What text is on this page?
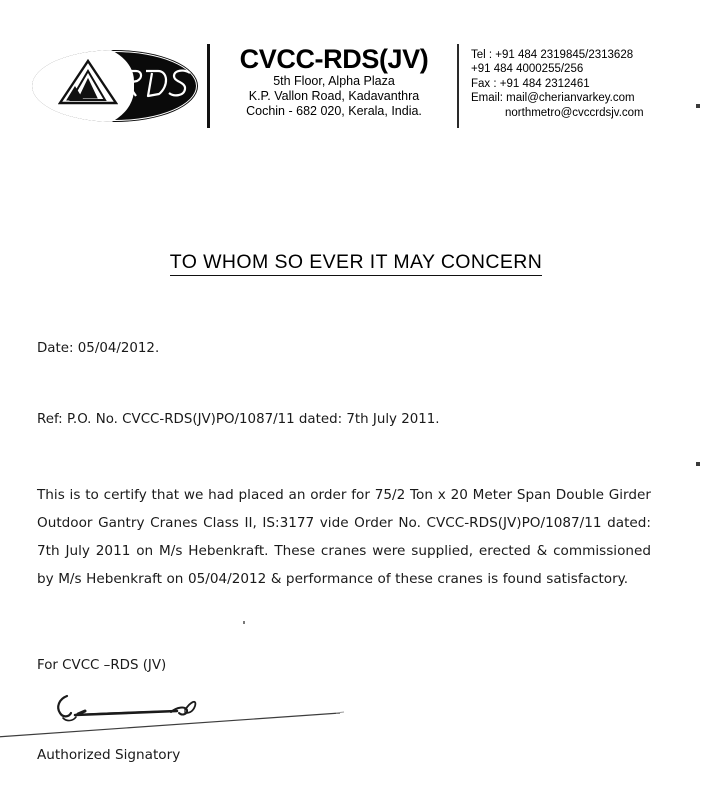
CVCC-RDS(JV)
5th Floor, Alpha Plaza
K.P. Vallon Road, Kadavanthra
Cochin - 682 020, Kerala, India.
Tel : +91 484 2319845/2313628
+91 484 4000255/256
Fax : +91 484 2312461
Email: mail@cherianvarkey.com
northmetro@cvccrdsjv.com
TO WHOM SO EVER IT MAY CONCERN
Date: 05/04/2012.
Ref: P.O. No. CVCC-RDS(JV)PO/1087/11 dated: 7th July 2011.
This is to certify that we had placed an order for 75/2 Ton x 20 Meter Span Double Girder Outdoor Gantry Cranes Class II, IS:3177 vide Order No. CVCC-RDS(JV)PO/1087/11 dated: 7th July 2011 on M/s Hebenkraft. These cranes were supplied, erected & commissioned by M/s Hebenkraft on 05/04/2012 & performance of these cranes is found satisfactory.
For CVCC –RDS (JV)
Authorized Signatory
